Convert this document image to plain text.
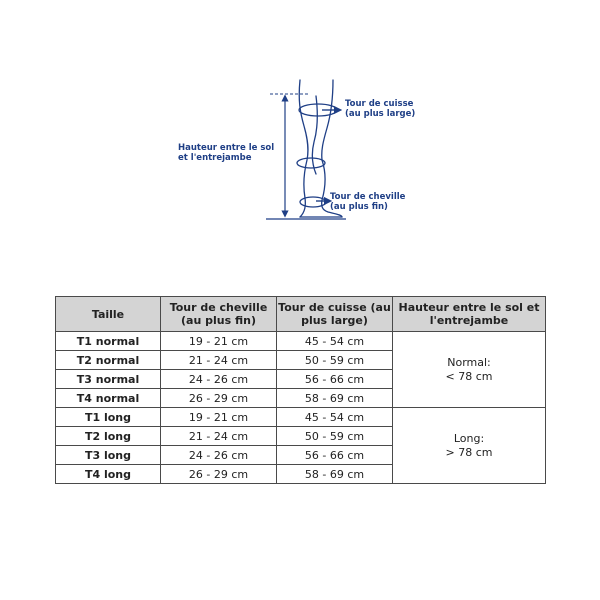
Tour de cuisse
(au plus large)
Hauteur entre le sol
et l'entrejambe
Tour de cheville
(au plus fin)
Taille	Tour de cheville (au plus fin)	Tour de cuisse (au plus large)	Hauteur entre le sol et l'entrejambe
T1 normal	19 - 21 cm	45 - 54 cm	Normal:
< 78 cm

T2 normal	21 - 24 cm	50 - 59 cm	
T3 normal	24 - 26 cm	56 - 66 cm	
T4 normal	26 - 29 cm	58 - 69 cm	
T1 long	19 - 21 cm	45 - 54 cm	Long:
> 78 cm

T2 long	21 - 24 cm	50 - 59 cm	
T3 long	24 - 26 cm	56 - 66 cm	
T4 long	26 - 29 cm	58 - 69 cm	
